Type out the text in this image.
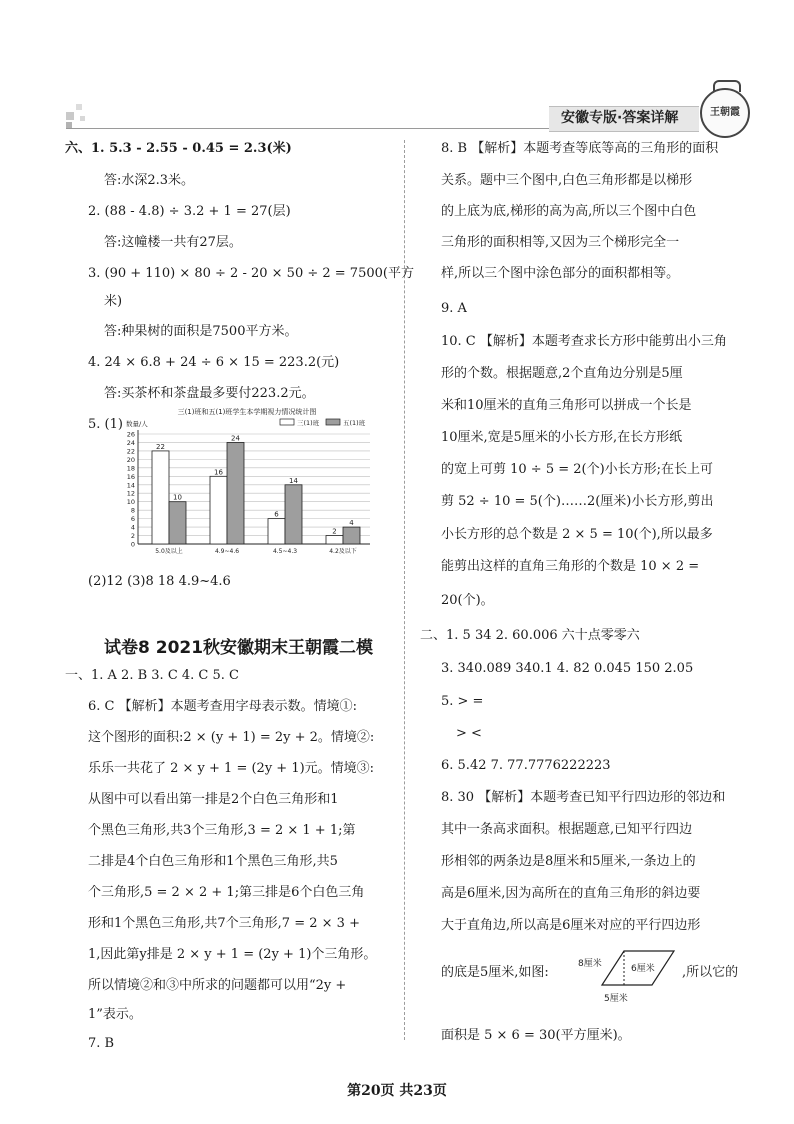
安徽专版·答案详解	王朝霞
六、1. 5.3 - 2.55 - 0.45 = 2.3(米)
答:水深2.3米。
2. (88 - 4.8) ÷ 3.2 + 1 = 27(层)
答:这幢楼一共有27层。
3. (90 + 110) × 80 ÷ 2 - 20 × 50 ÷ 2 = 7500(平方
米)
答:种果树的面积是7500平方米。
4. 24 × 6.8 + 24 ÷ 6 × 15 = 223.2(元)
答:买茶杯和茶盘最多要付223.2元。
5. (1)
三(1)班和五(1)班学生本学期视力情况统计图
三(1)班	五(1)班
数量/人
0
2
4
6
8
10
12
14
16
18
20
22
24
26
22
10
16
24
6
14
2
4
5.0及以上	4.9~4.6	4.5~4.3	4.2及以下
(2)12 (3)8 18 4.9~4.6
试卷8 2021秋安徽期末王朝霞二模
一、1. A 2. B 3. C 4. C 5. C
6. C 【解析】本题考查用字母表示数。情境①:
这个图形的面积:2 × (y + 1) = 2y + 2。情境②:
乐乐一共花了 2 × y + 1 = (2y + 1)元。情境③:
从图中可以看出第一排是2个白色三角形和1
个黑色三角形,共3个三角形,3 = 2 × 1 + 1;第
二排是4个白色三角形和1个黑色三角形,共5
个三角形,5 = 2 × 2 + 1;第三排是6个白色三角
形和1个黑色三角形,共7个三角形,7 = 2 × 3 +
1,因此第y排是 2 × y + 1 = (2y + 1)个三角形。
所以情境②和③中所求的问题都可以用“2y +
1”表示。
7. B
8. B 【解析】本题考查等底等高的三角形的面积
关系。题中三个图中,白色三角形都是以梯形
的上底为底,梯形的高为高,所以三个图中白色
三角形的面积相等,又因为三个梯形完全一
样,所以三个图中涂色部分的面积都相等。
9. A
10. C 【解析】本题考查求长方形中能剪出小三角
形的个数。根据题意,2个直角边分别是5厘
米和10厘米的直角三角形可以拼成一个长是
10厘米,宽是5厘米的小长方形,在长方形纸
的宽上可剪 10 ÷ 5 = 2(个)小长方形;在长上可
剪 52 ÷ 10 = 5(个)……2(厘米)小长方形,剪出
小长方形的总个数是 2 × 5 = 10(个),所以最多
能剪出这样的直角三角形的个数是 10 × 2 =
20(个)。
二、1. 5 34 2. 60.006 六十点零零六
3. 340.089 340.1 4. 82 0.045 150 2.05
5. > =
> <
6. 5.42 7. 77.7776222223
8. 30 【解析】本题考查已知平行四边形的邻边和
其中一条高求面积。根据题意,已知平行四边
形相邻的两条边是8厘米和5厘米,一条边上的
高是6厘米,因为高所在的直角三角形的斜边要
大于直角边,所以高是6厘米对应的平行四边形
的底是5厘米,如图:
8厘米	6厘米
5厘米
,所以它的
面积是 5 × 6 = 30(平方厘米)。
第20页 共23页
